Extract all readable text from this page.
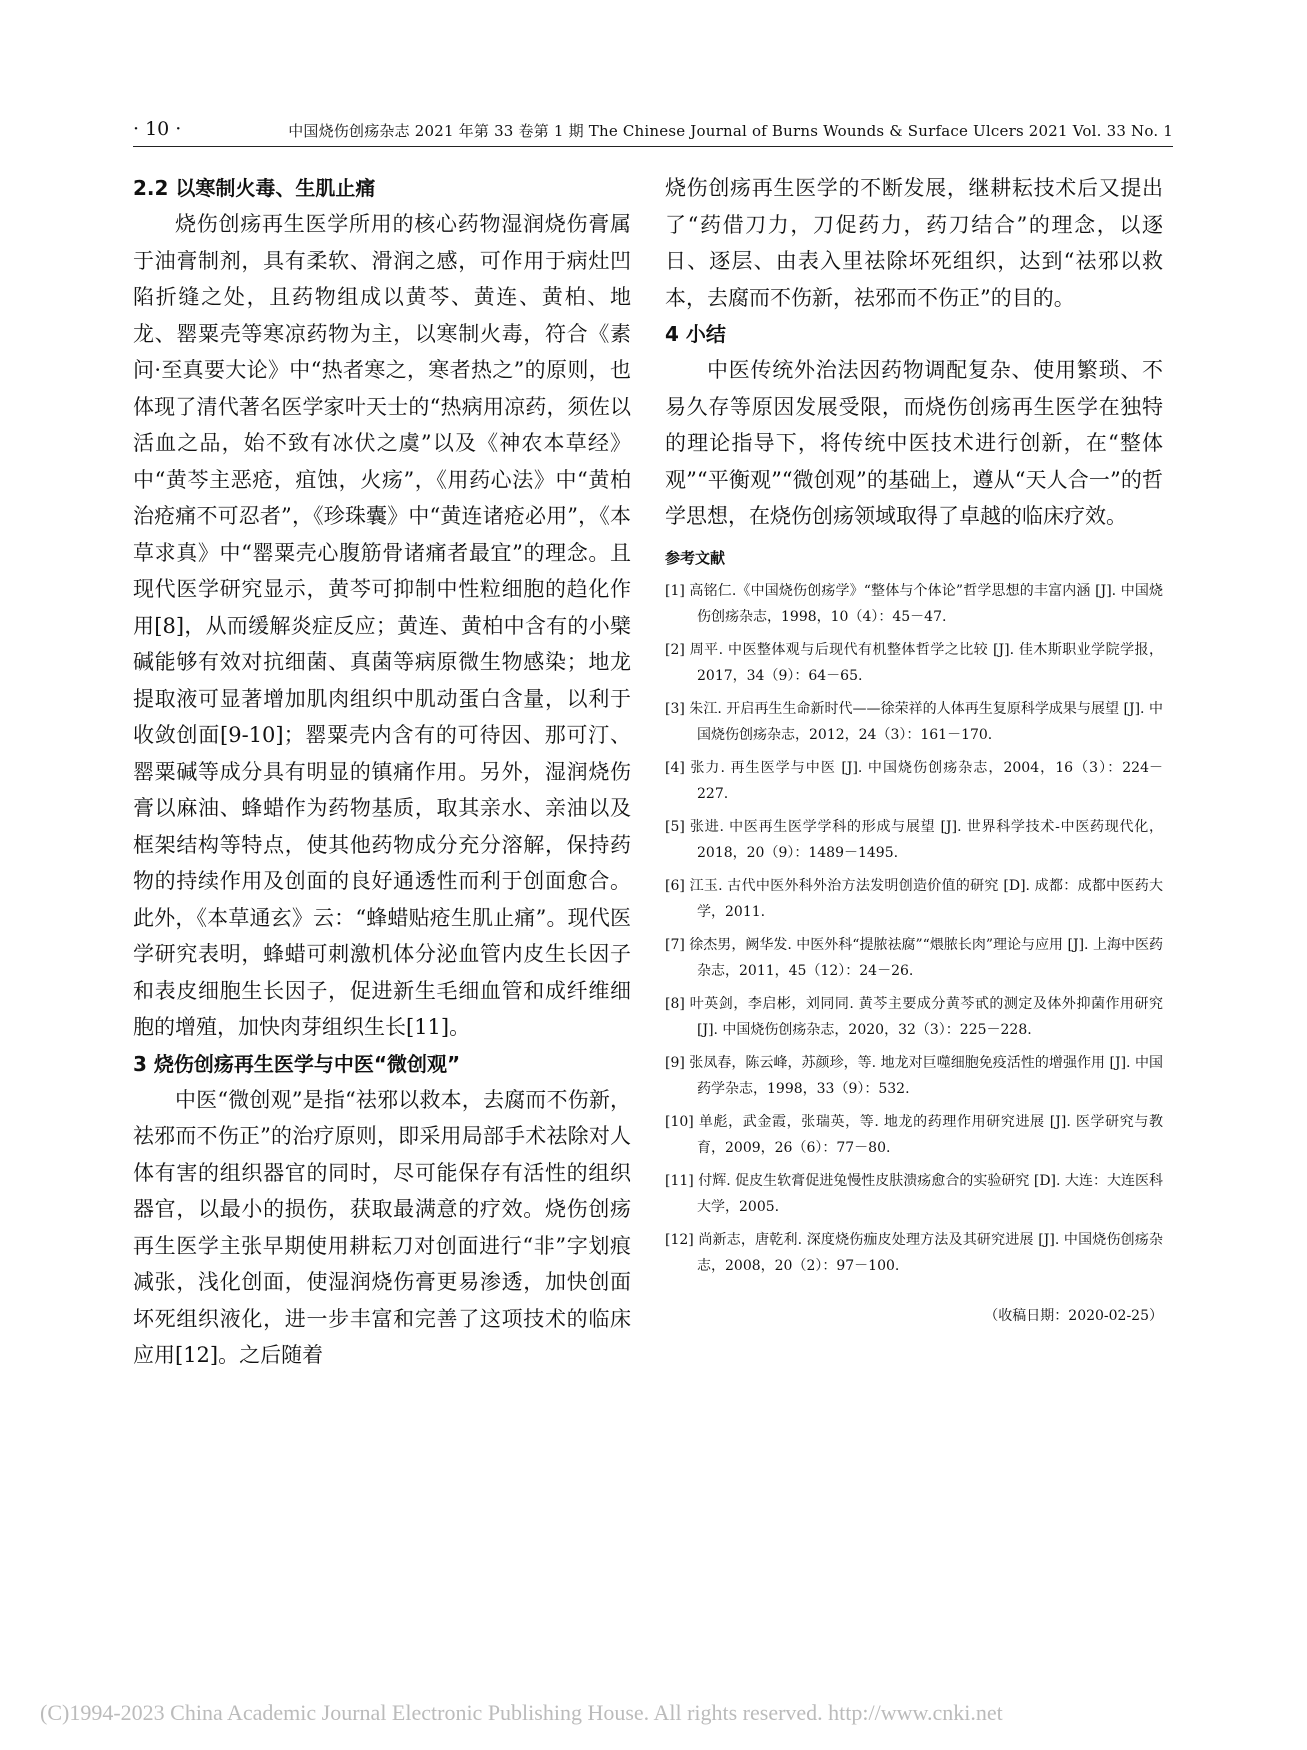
· 10 ·	中国烧伤创疡杂志 2021 年第 33 卷第 1 期 The Chinese Journal of Burns Wounds & Surface Ulcers 2021 Vol. 33 No. 1

2.2 以寒制火毒、生肌止痛

烧伤创疡再生医学所用的核心药物湿润烧伤膏属于油膏制剂，具有柔软、滑润之感，可作用于病灶凹陷折缝之处，且药物组成以黄芩、黄连、黄柏、地龙、罂粟壳等寒凉药物为主，以寒制火毒，符合《素问·至真要大论》中“热者寒之，寒者热之”的原则，也体现了清代著名医学家叶天士的“热病用凉药，须佐以活血之品，始不致有冰伏之虞”以及《神农本草经》中“黄芩主恶疮，疽蚀，火疡”，《用药心法》中“黄柏治疮痛不可忍者”，《珍珠囊》中“黄连诸疮必用”，《本草求真》中“罂粟壳心腹筋骨诸痛者最宜”的理念。且现代医学研究显示，黄芩可抑制中性粒细胞的趋化作用[8]，从而缓解炎症反应；黄连、黄柏中含有的小檗碱能够有效对抗细菌、真菌等病原微生物感染；地龙提取液可显著增加肌肉组织中肌动蛋白含量，以利于收敛创面[9-10]；罂粟壳内含有的可待因、那可汀、罂粟碱等成分具有明显的镇痛作用。另外，湿润烧伤膏以麻油、蜂蜡作为药物基质，取其亲水、亲油以及框架结构等特点，使其他药物成分充分溶解，保持药物的持续作用及创面的良好通透性而利于创面愈合。此外，《本草通玄》云：“蜂蜡贴疮生肌止痛”。现代医学研究表明，蜂蜡可刺激机体分泌血管内皮生长因子和表皮细胞生长因子，促进新生毛细血管和成纤维细胞的增殖，加快肉芽组织生长[11]。

3 烧伤创疡再生医学与中医“微创观”

中医“微创观”是指“祛邪以救本，去腐而不伤新，祛邪而不伤正”的治疗原则，即采用局部手术祛除对人体有害的组织器官的同时，尽可能保存有活性的组织器官，以最小的损伤，获取最满意的疗效。烧伤创疡再生医学主张早期使用耕耘刀对创面进行“非”字划痕减张，浅化创面，使湿润烧伤膏更易渗透，加快创面坏死组织液化，进一步丰富和完善了这项技术的临床应用[12]。之后随着

烧伤创疡再生医学的不断发展，继耕耘技术后又提出了“药借刀力，刀促药力，药刀结合”的理念，以逐日、逐层、由表入里祛除坏死组织，达到“祛邪以救本，去腐而不伤新，祛邪而不伤正”的目的。

4 小结

中医传统外治法因药物调配复杂、使用繁琐、不易久存等原因发展受限，而烧伤创疡再生医学在独特的理论指导下，将传统中医技术进行创新，在“整体观”“平衡观”“微创观”的基础上，遵从“天人合一”的哲学思想，在烧伤创疡领域取得了卓越的临床疗效。

参考文献

[1] 高铭仁.《中国烧伤创疡学》“整体与个体论”哲学思想的丰富内涵 [J]. 中国烧伤创疡杂志，1998，10（4）：45－47.

[2] 周平. 中医整体观与后现代有机整体哲学之比较 [J]. 佳木斯职业学院学报，2017，34（9）：64－65.

[3] 朱江. 开启再生生命新时代——徐荣祥的人体再生复原科学成果与展望 [J]. 中国烧伤创疡杂志，2012，24（3）：161－170.

[4] 张力. 再生医学与中医 [J]. 中国烧伤创疡杂志，2004，16（3）：224－227.

[5] 张进. 中医再生医学学科的形成与展望 [J]. 世界科学技术-中医药现代化，2018，20（9）：1489－1495.

[6] 江玉. 古代中医外科外治方法发明创造价值的研究 [D]. 成都：成都中医药大学，2011.

[7] 徐杰男，阙华发. 中医外科“提脓祛腐”“煨脓长肉”理论与应用 [J]. 上海中医药杂志，2011，45（12）：24－26.

[8] 叶英剑，李启彬，刘同同. 黄芩主要成分黄芩甙的测定及体外抑菌作用研究 [J]. 中国烧伤创疡杂志，2020，32（3）：225－228.

[9] 张凤春，陈云峰，苏颜珍，等. 地龙对巨噬细胞免疫活性的增强作用 [J]. 中国药学杂志，1998，33（9）：532.

[10] 单彪，武金霞，张瑞英，等. 地龙的药理作用研究进展 [J]. 医学研究与教育，2009，26（6）：77－80.

[11] 付辉. 促皮生软膏促进兔慢性皮肤溃疡愈合的实验研究 [D]. 大连：大连医科大学，2005.

[12] 尚新志，唐乾利. 深度烧伤痂皮处理方法及其研究进展 [J]. 中国烧伤创疡杂志，2008，20（2）：97－100.

（收稿日期：2020-02-25）
(C)1994-2023 China Academic Journal Electronic Publishing House. All rights reserved. http://www.cnki.net
